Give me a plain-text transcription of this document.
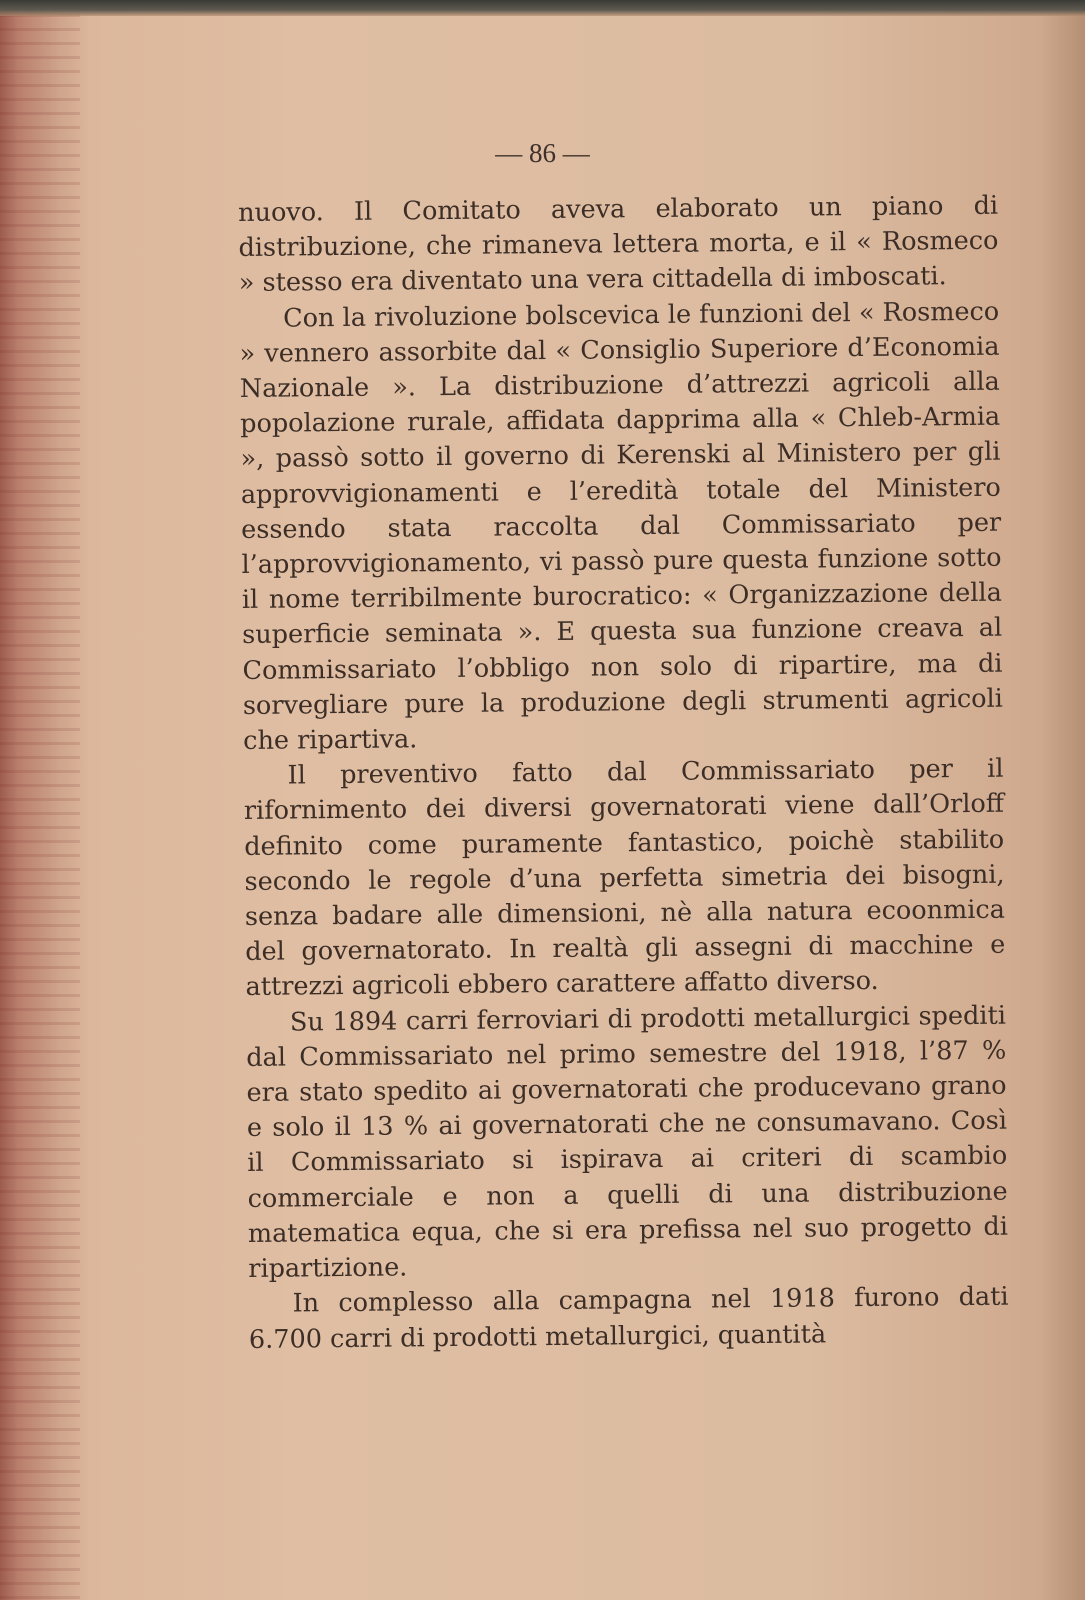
— 86 —

nuovo. Il Comitato aveva elaborato un piano di distribuzione, che rimaneva lettera morta, e il « Rosmeco » stesso era diventato una vera cittadella di imboscati.

Con la rivoluzione bolscevica le funzioni del « Rosmeco » vennero assorbite dal « Consiglio Superiore d’Economia Nazionale ». La distribuzione d’attrezzi agricoli alla popolazione rurale, affidata dapprima alla « Chleb-Armia », passò sotto il governo di Kerenski al Ministero per gli approvvigionamenti e l’eredità totale del Ministero essendo stata raccolta dal Commissariato per l’approvvigionamento, vi passò pure questa funzione sotto il nome terribilmente burocratico: « Organizzazione della superficie seminata ». E questa sua funzione creava al Commissariato l’obbligo non solo di ripartire, ma di sorvegliare pure la produzione degli strumenti agricoli che ripartiva.

Il preventivo fatto dal Commissariato per il rifornimento dei diversi governatorati viene dall’Orloff definito come puramente fantastico, poichè stabilito secondo le regole d’una perfetta simetria dei bisogni, senza badare alle dimensioni, nè alla natura ecoonmica del governatorato. In realtà gli assegni di macchine e attrezzi agricoli ebbero carattere affatto diverso.

Su 1894 carri ferroviari di prodotti metallurgici spediti dal Commissariato nel primo semestre del 1918, l’87 % era stato spedito ai governatorati che producevano grano e solo il 13 % ai governatorati che ne consumavano. Così il Commissariato si ispirava ai criteri di scambio commerciale e non a quelli di una distribuzione matematica equa, che si era prefissa nel suo progetto di ripartizione.

In complesso alla campagna nel 1918 furono dati 6.700 carri di prodotti metallurgici, quantità
